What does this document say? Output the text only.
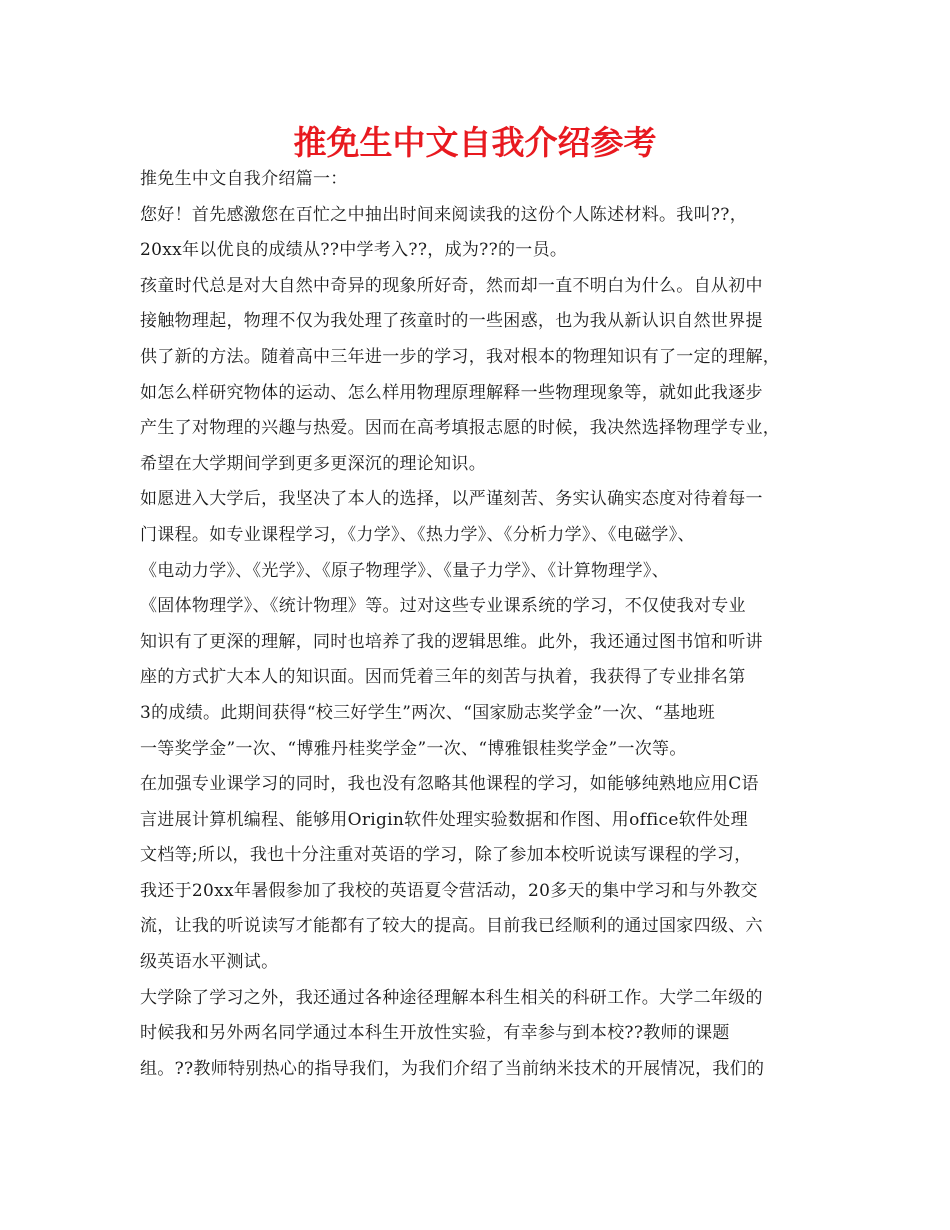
推免生中文自我介绍参考
推免生中文自我介绍篇一：
您好！首先感激您在百忙之中抽出时间来阅读我的这份个人陈述材料。我叫??，
20xx年以优良的成绩从??中学考入??，成为??的一员。
孩童时代总是对大自然中奇异的现象所好奇，然而却一直不明白为什么。自从初中
接触物理起，物理不仅为我处理了孩童时的一些困惑，也为我从新认识自然世界提
供了新的方法。随着高中三年进一步的学习，我对根本的物理知识有了一定的理解，
如怎么样研究物体的运动、怎么样用物理原理解释一些物理现象等，就如此我逐步
产生了对物理的兴趣与热爱。因而在高考填报志愿的时候，我决然选择物理学专业，
希望在大学期间学到更多更深沉的理论知识。
如愿进入大学后，我坚决了本人的选择，以严谨刻苦、务实认确实态度对待着每一
门课程。如专业课程学习，《力学》、《热力学》、《分析力学》、《电磁学》、
《电动力学》、《光学》、《原子物理学》、《量子力学》、《计算物理学》、
《固体物理学》、《统计物理》等。过对这些专业课系统的学习，不仅使我对专业
知识有了更深的理解，同时也培养了我的逻辑思维。此外，我还通过图书馆和听讲
座的方式扩大本人的知识面。因而凭着三年的刻苦与执着，我获得了专业排名第
3的成绩。此期间获得“校三好学生”两次、“国家励志奖学金”一次、“基地班
一等奖学金”一次、“博雅丹桂奖学金”一次、“博雅银桂奖学金”一次等。
在加强专业课学习的同时，我也没有忽略其他课程的学习，如能够纯熟地应用C语
言进展计算机编程、能够用Origin软件处理实验数据和作图、用office软件处理
文档等;所以，我也十分注重对英语的学习，除了参加本校听说读写课程的学习，
我还于20xx年暑假参加了我校的英语夏令营活动，20多天的集中学习和与外教交
流，让我的听说读写才能都有了较大的提高。目前我已经顺利的通过国家四级、六
级英语水平测试。
大学除了学习之外，我还通过各种途径理解本科生相关的科研工作。大学二年级的
时候我和另外两名同学通过本科生开放性实验，有幸参与到本校??教师的课题
组。??教师特别热心的指导我们，为我们介绍了当前纳米技术的开展情况，我们的
